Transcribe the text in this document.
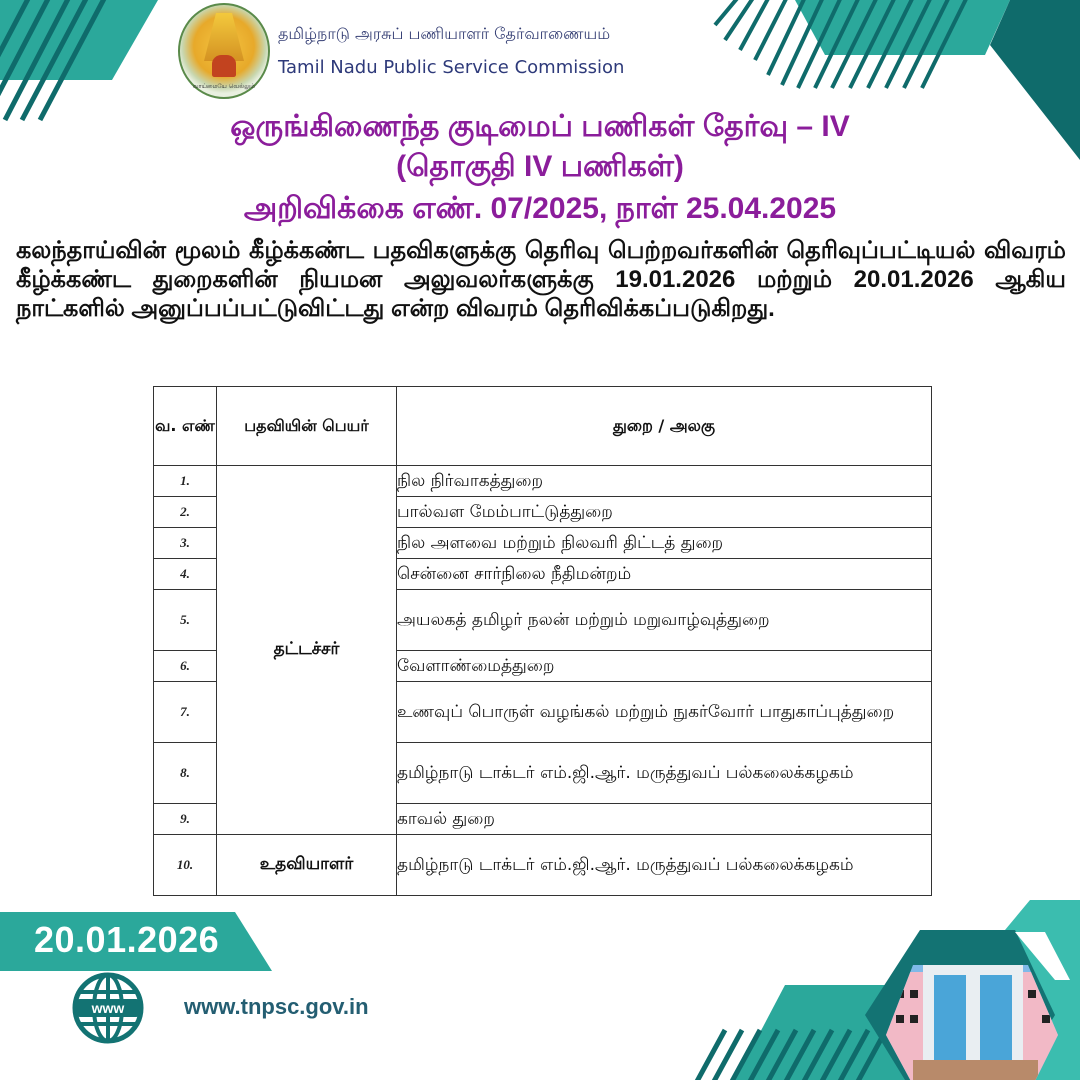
வாய்மையே வெல்லும்
தமிழ்நாடு அரசுப் பணியாளர் தேர்வாணையம்
Tamil Nadu Public Service Commission
ஒருங்கிணைந்த குடிமைப் பணிகள் தேர்வு – IV
(தொகுதி IV பணிகள்)
அறிவிக்கை எண். 07/2025, நாள் 25.04.2025
கலந்தாய்வின் மூலம் கீழ்க்கண்ட பதவிகளுக்கு தெரிவு பெற்றவர்களின் தெரிவுப்பட்டியல் விவரம் கீழ்க்கண்ட துறைகளின் நியமன அலுவலர்களுக்கு 19.01.2026 மற்றும் 20.01.2026 ஆகிய நாட்களில் அனுப்பப்பட்டுவிட்டது என்ற விவரம் தெரிவிக்கப்படுகிறது.
வ. எண்	பதவியின் பெயர்	துறை / அலகு
1.	தட்டச்சர்	நில நிர்வாகத்துறை
2.		பால்வள மேம்பாட்டுத்துறை
3.		நில அளவை மற்றும் நிலவரி திட்டத் துறை
4.		சென்னை சார்நிலை நீதிமன்றம்
5.		அயலகத் தமிழர் நலன் மற்றும் மறுவாழ்வுத்துறை
6.		வேளாண்மைத்துறை
7.		உணவுப் பொருள் வழங்கல் மற்றும் நுகர்வோர் பாதுகாப்புத்துறை
8.		தமிழ்நாடு டாக்டர் எம்.ஜி.ஆர். மருத்துவப் பல்கலைக்கழகம்
9.		காவல் துறை
10.	உதவியாளர்	தமிழ்நாடு டாக்டர் எம்.ஜி.ஆர். மருத்துவப் பல்கலைக்கழகம்
20.01.2026
www	www.tnpsc.gov.in
